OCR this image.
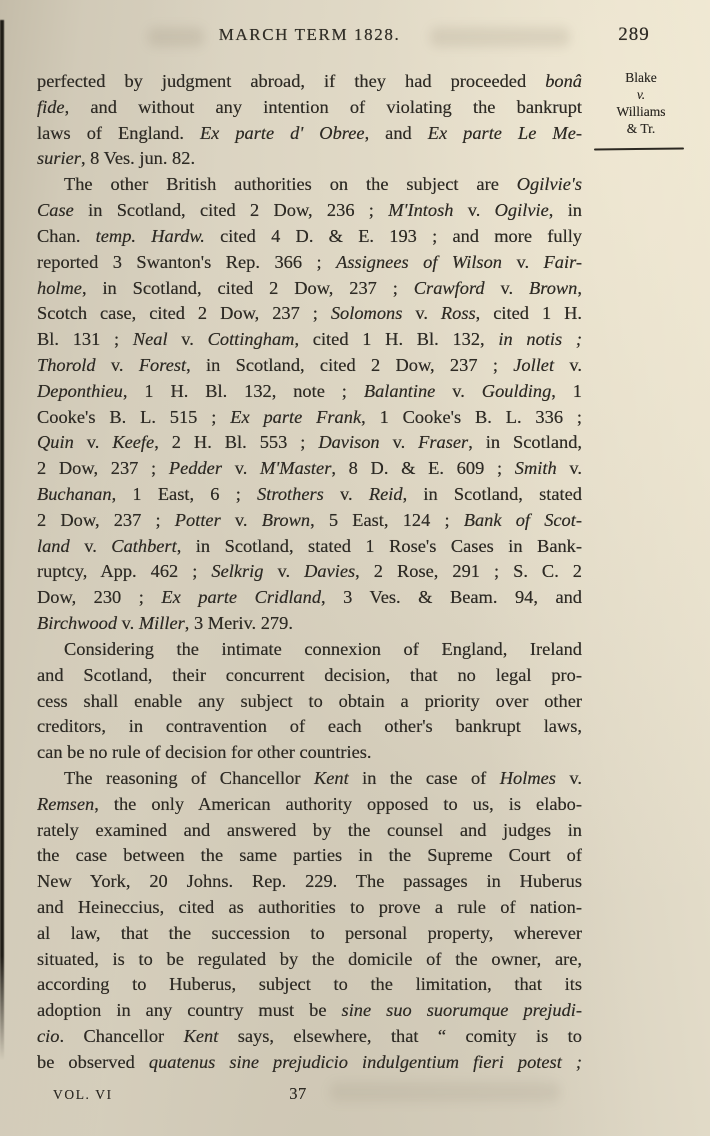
MARCH TERM 1828.	289
Blake
v.
Williams
& Tr.
perfected by judgment abroad, if they had proceeded bonâ
fide, and without any intention of violating the bankrupt
laws of England. Ex parte d' Obree, and Ex parte Le Me-
surier, 8 Ves. jun. 82.
The other British authorities on the subject are Ogilvie's
Case in Scotland, cited 2 Dow, 236 ; M'Intosh v. Ogilvie, in
Chan. temp. Hardw. cited 4 D. & E. 193 ; and more fully
reported 3 Swanton's Rep. 366 ; Assignees of Wilson v. Fair-
holme, in Scotland, cited 2 Dow, 237 ; Crawford v. Brown,
Scotch case, cited 2 Dow, 237 ; Solomons v. Ross, cited 1 H.
Bl. 131 ; Neal v. Cottingham, cited 1 H. Bl. 132, in notis ;
Thorold v. Forest, in Scotland, cited 2 Dow, 237 ; Jollet v.
Deponthieu, 1 H. Bl. 132, note ; Balantine v. Goulding, 1
Cooke's B. L. 515 ; Ex parte Frank, 1 Cooke's B. L. 336 ;
Quin v. Keefe, 2 H. Bl. 553 ; Davison v. Fraser, in Scotland,
2 Dow, 237 ; Pedder v. M'Master, 8 D. & E. 609 ; Smith v.
Buchanan, 1 East, 6 ; Strothers v. Reid, in Scotland, stated
2 Dow, 237 ; Potter v. Brown, 5 East, 124 ; Bank of Scot-
land v. Cathbert, in Scotland, stated 1 Rose's Cases in Bank-
ruptcy, App. 462 ; Selkrig v. Davies, 2 Rose, 291 ; S. C. 2
Dow, 230 ; Ex parte Cridland, 3 Ves. & Beam. 94, and
Birchwood v. Miller, 3 Meriv. 279.
Considering the intimate connexion of England, Ireland
and Scotland, their concurrent decision, that no legal pro-
cess shall enable any subject to obtain a priority over other
creditors, in contravention of each other's bankrupt laws,
can be no rule of decision for other countries.
The reasoning of Chancellor Kent in the case of Holmes v.
Remsen, the only American authority opposed to us, is elabo-
rately examined and answered by the counsel and judges in
the case between the same parties in the Supreme Court of
New York, 20 Johns. Rep. 229. The passages in Huberus
and Heineccius, cited as authorities to prove a rule of nation-
al law, that the succession to personal property, wherever
situated, is to be regulated by the domicile of the owner, are,
according to Huberus, subject to the limitation, that its
adoption in any country must be sine suo suorumque prejudi-
cio. Chancellor Kent says, elsewhere, that “ comity is to
be observed quatenus sine prejudicio indulgentium fieri potest ;
VOL. VI	37
